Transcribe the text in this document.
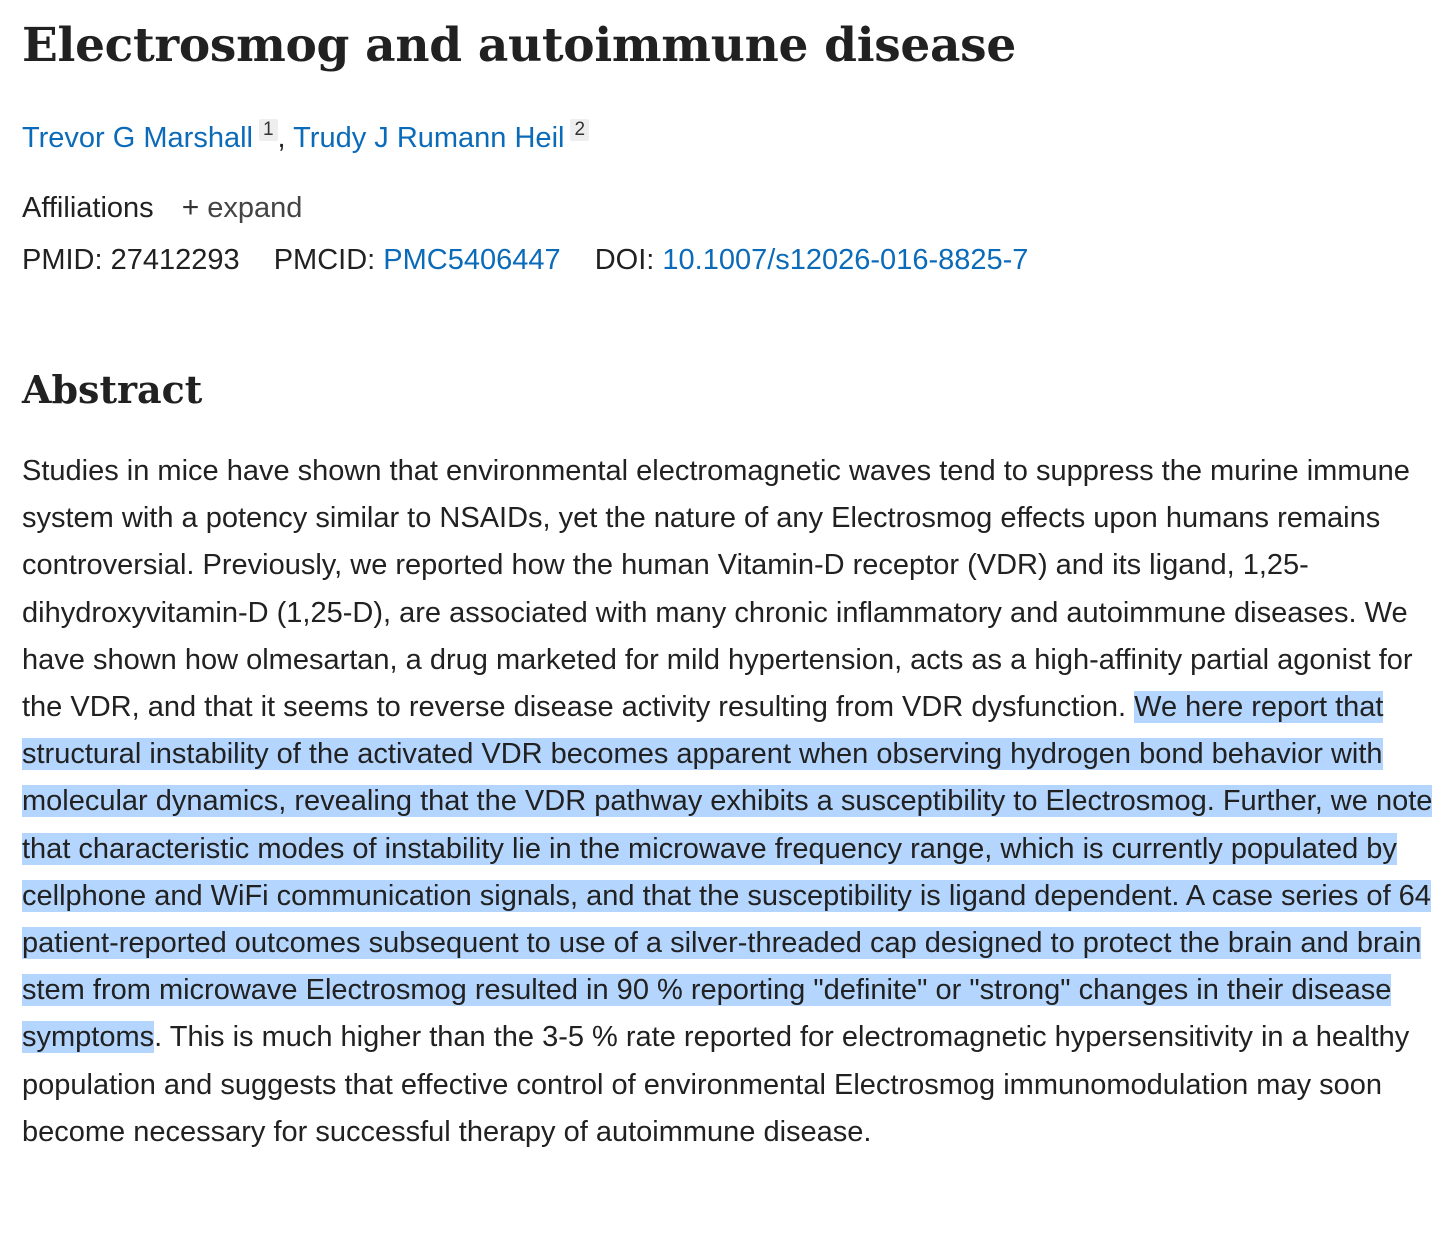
Electrosmog and autoimmune disease
Trevor G Marshall 1 , Trudy J Rumann Heil 2
Affiliations + expand
PMID: 27412293 PMCID: PMC5406447 DOI: 10.1007/s12026-016-8825-7
Abstract
Studies in mice have shown that environmental electromagnetic waves tend to suppress the murine immune system with a potency similar to NSAIDs, yet the nature of any Electrosmog effects upon humans remains controversial. Previously, we reported how the human Vitamin-D receptor (VDR) and its ligand, 1,25-dihydroxyvitamin-D (1,25-D), are associated with many chronic inflammatory and autoimmune diseases. We have shown how olmesartan, a drug marketed for mild hypertension, acts as a high-affinity partial agonist for the VDR, and that it seems to reverse disease activity resulting from VDR dysfunction. We here report that structural instability of the activated VDR becomes apparent when observing hydrogen bond behavior with molecular dynamics, revealing that the VDR pathway exhibits a susceptibility to Electrosmog. Further, we note that characteristic modes of instability lie in the microwave frequency range, which is currently populated by cellphone and WiFi communication signals, and that the susceptibility is ligand dependent. A case series of 64 patient-reported outcomes subsequent to use of a silver-threaded cap designed to protect the brain and brain stem from microwave Electrosmog resulted in 90 % reporting "definite" or "strong" changes in their disease symptoms. This is much higher than the 3-5 % rate reported for electromagnetic hypersensitivity in a healthy population and suggests that effective control of environmental Electrosmog immunomodulation may soon become necessary for successful therapy of autoimmune disease.
